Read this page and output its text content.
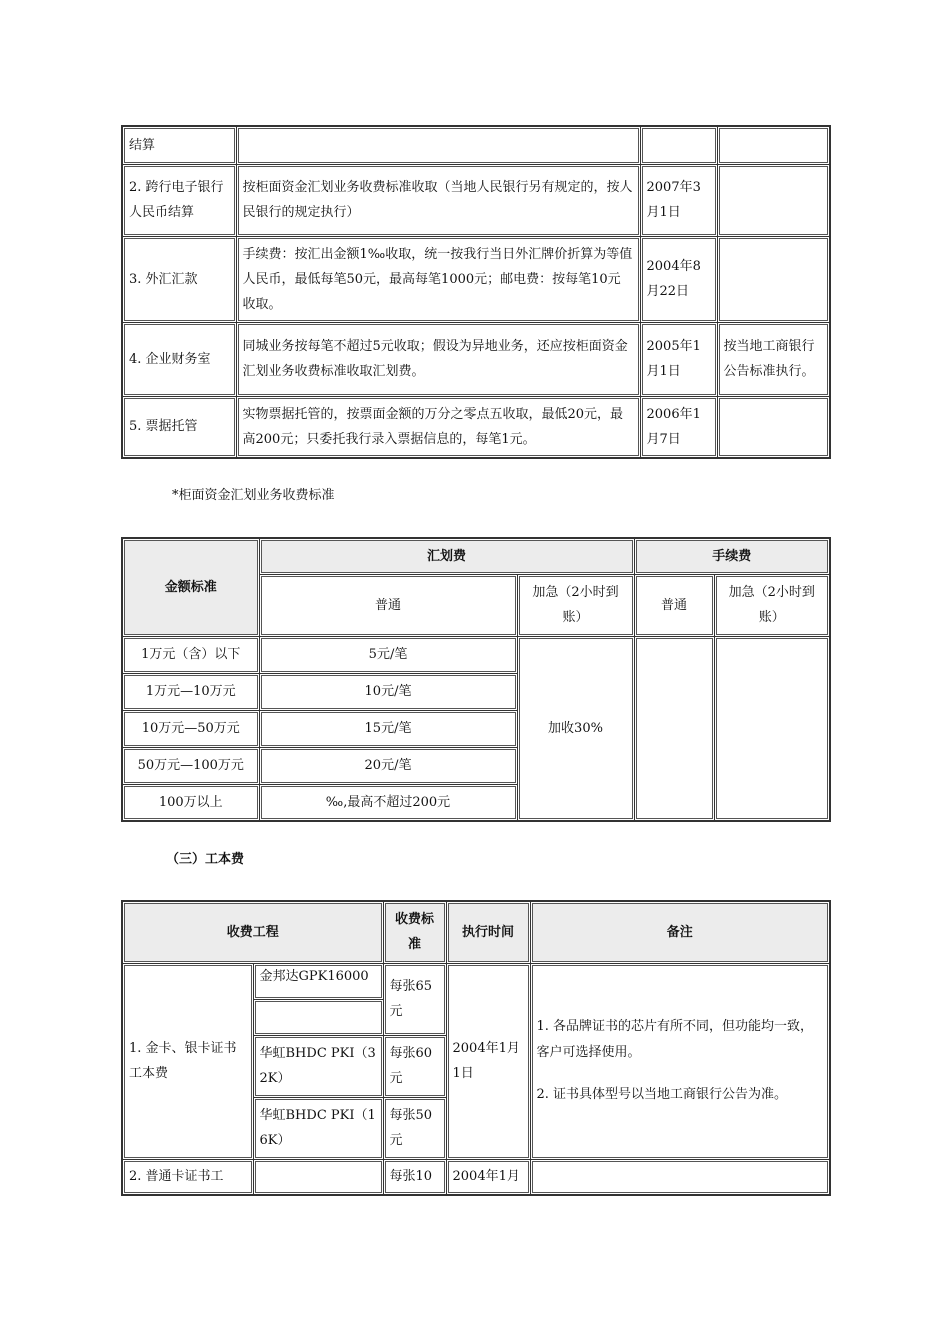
结算			
2. 跨行电子银行人民币结算	按柜面资金汇划业务收费标准收取（当地人民银行另有规定的，按人民银行的规定执行）	2007年3月1日	
3. 外汇汇款	手续费：按汇出金额1‰收取，统一按我行当日外汇牌价折算为等值人民币，最低每笔50元，最高每笔1000元；邮电费：按每笔10元收取。	2004年8月22日	
4. 企业财务室	同城业务按每笔不超过5元收取；假设为异地业务，还应按柜面资金汇划业务收费标准收取汇划费。	2005年1月1日	按当地工商银行公告标准执行。
5. 票据托管	实物票据托管的，按票面金额的万分之零点五收取，最低20元，最高200元；只委托我行录入票据信息的，每笔1元。	2006年1月7日	
*柜面资金汇划业务收费标准
金额标准	汇划费		手续费	
	普通	加急（2小时到账）	普通	加急（2小时到账）
1万元（含）以下	5元/笔	加收30%		
1万元—10万元	10元/笔			
10万元—50万元	15元/笔			
50万元—100万元	20元/笔			
100万以上	‰,最高不超过200元			
（三）工本费
收费工程		收费标准	执行时间	备注
1. 金卡、银卡证书工本费	金邦达GPK16000	每张65元	2004年1月1日	1. 各品牌证书的芯片有所不同，但功能均一致，客户可选择使用。

2. 证书具体型号以当地工商银行公告为准。

	华虹BHDC PKI（32K）	每张60元		
	华虹BHDC PKI（16K）	每张50元		
2. 普通卡证书工		每张10	2004年1月	
